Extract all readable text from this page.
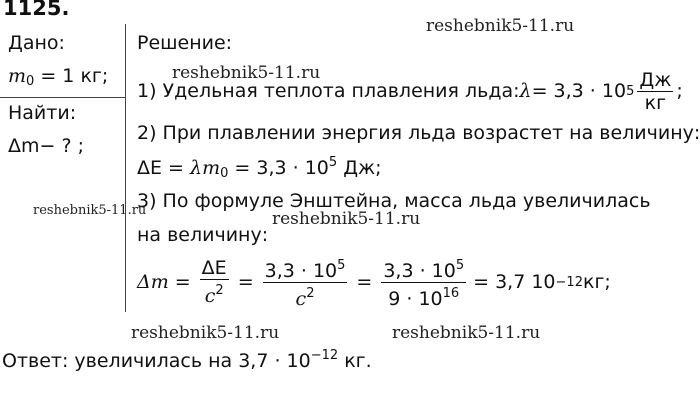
1125.
reshebnik5-11.ru
reshebnik5-11.ru
reshebnik5-11.ru	reshebnik5-11.ru
reshebnik5-11.ru	reshebnik5-11.ru
Дано:
$m_0 = 1$ кг;
Найти:
Δm− ? ;
Решение:
1) Удельная теплота плавления льда: λ = 3,3 · 10 $5 \frac{Дж}{кг}$ ;
2) При плавлении энергия льда возрастет на величину:
$\Delta E = \lambda m_0 = 3,3 \cdot 10^5$ Дж;
3) По формуле Энштейна, масса льда увеличилась
на величину:
$\Delta m = \frac{\Delta E}{c^2} = \frac{3,3 \cdot 10^5}{c^2} = \frac{3,3 \cdot 10^5}{9 \cdot 10^{16}} = 3,7$ 10 −12 кг;
Ответ: увеличилась на $3,7 \cdot 10^{-12}$ кг.
